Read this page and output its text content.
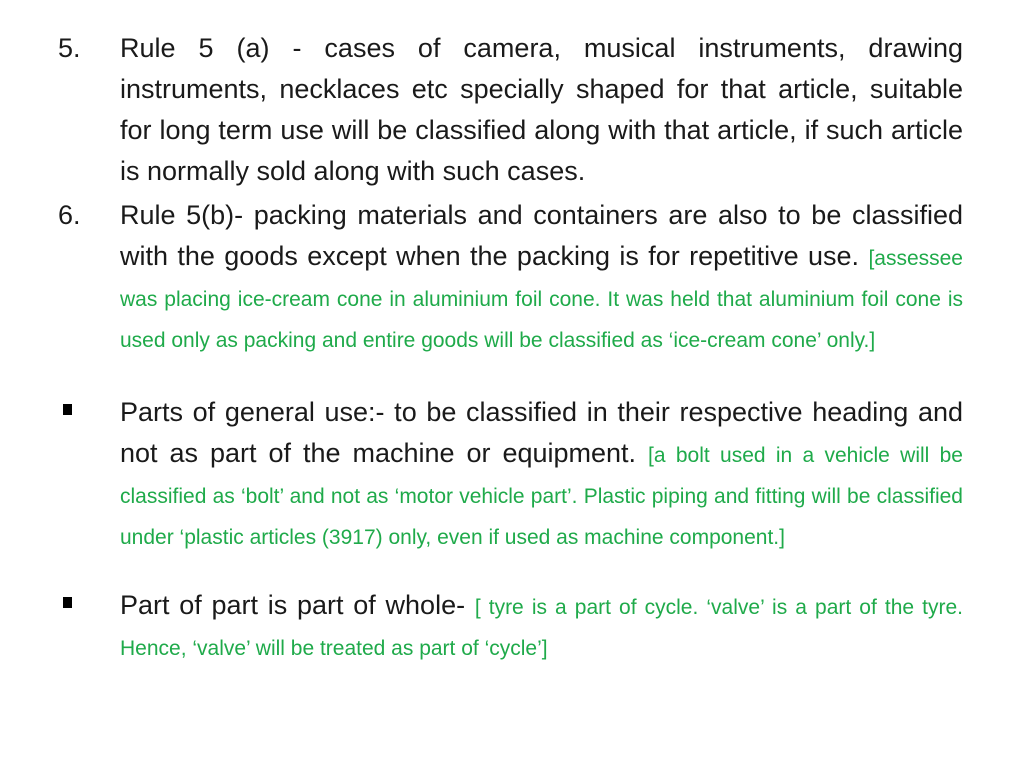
5. Rule 5 (a) - cases of camera, musical instruments, drawing instruments, necklaces etc specially shaped for that article, suitable for long term use will be classified along with that article, if such article is normally sold along with such cases.
6. Rule 5(b)- packing materials and containers are also to be classified with the goods except when the packing is for repetitive use. [assessee was placing ice-cream cone in aluminium foil cone. It was held that aluminium foil cone is used only as packing and entire goods will be classified as ‘ice-cream cone’ only.]
Parts of general use:- to be classified in their respective heading and not as part of the machine or equipment. [a bolt used in a vehicle will be classified as ‘bolt’ and not as ‘motor vehicle part’. Plastic piping and fitting will be classified under ‘plastic articles (3917) only, even if used as machine component.]
Part of part is part of whole- [ tyre is a part of cycle. ‘valve’ is a part of the tyre. Hence, ‘valve’ will be treated as part of ‘cycle’]
